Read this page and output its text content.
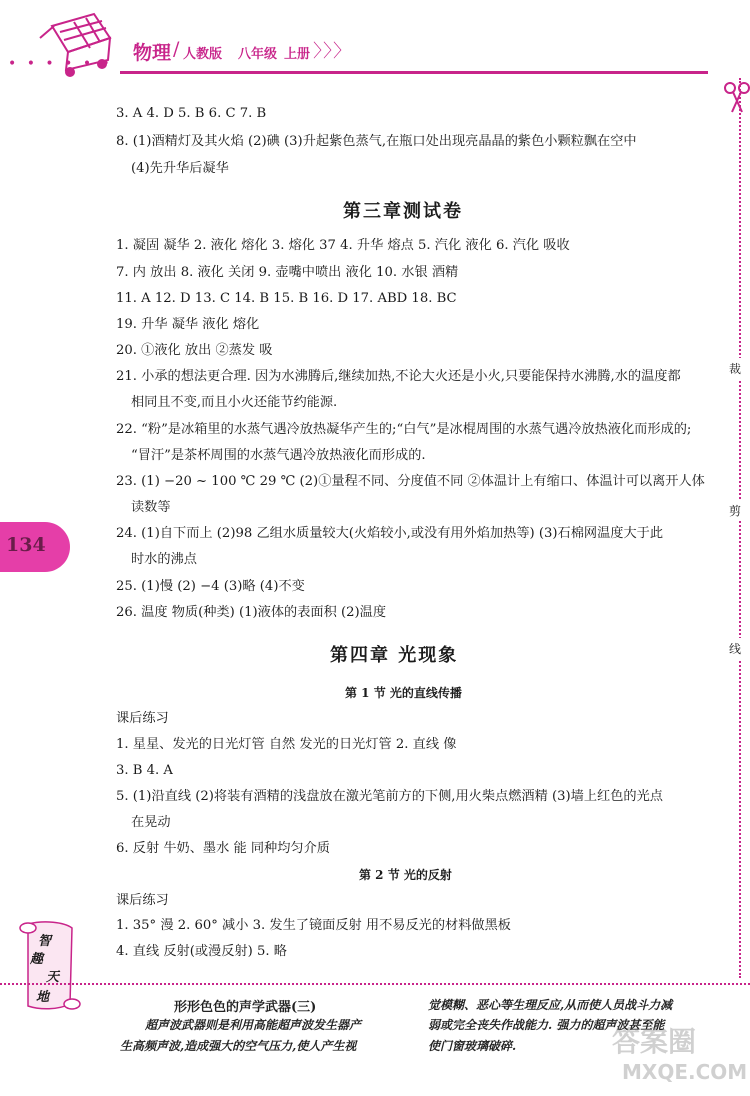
• • • • • • 物理 / 人教版 八年级 上册 〉〉〉
裁
剪
线
134
3. A 4. D 5. B 6. C 7. B
8. (1)酒精灯及其火焰 (2)碘 (3)升起紫色蒸气,在瓶口处出现亮晶晶的紫色小颗粒飘在空中
(4)先升华后凝华
第三章测试卷
1. 凝固 凝华 2. 液化 熔化 3. 熔化 37 4. 升华 熔点 5. 汽化 液化 6. 汽化 吸收
7. 内 放出 8. 液化 关闭 9. 壶嘴中喷出 液化 10. 水银 酒精
11. A 12. D 13. C 14. B 15. B 16. D 17. ABD 18. BC
19. 升华 凝华 液化 熔化
20. ①液化 放出 ②蒸发 吸
21. 小承的想法更合理. 因为水沸腾后,继续加热,不论大火还是小火,只要能保持水沸腾,水的温度都
相同且不变,而且小火还能节约能源.
22. “粉”是冰箱里的水蒸气遇冷放热凝华产生的;“白气”是冰棍周围的水蒸气遇冷放热液化而形成的;
“冒汗”是茶杯周围的水蒸气遇冷放热液化而形成的.
23. (1) −20 ~ 100 ℃ 29 ℃ (2)①量程不同、分度值不同 ②体温计上有缩口、体温计可以离开人体
读数等
24. (1)自下而上 (2)98 乙组水质量较大(火焰较小,或没有用外焰加热等) (3)石棉网温度大于此
时水的沸点
25. (1)慢 (2) −4 (3)略 (4)不变
26. 温度 物质(种类) (1)液体的表面积 (2)温度
第四章 光现象
第 1 节 光的直线传播
课后练习
1. 星星、发光的日光灯管 自然 发光的日光灯管 2. 直线 像
3. B 4. A
5. (1)沿直线 (2)将装有酒精的浅盘放在激光笔前方的下侧,用火柴点燃酒精 (3)墙上红色的光点
在晃动
6. 反射 牛奶、墨水 能 同种均匀介质
第 2 节 光的反射
课后练习
1. 35° 漫 2. 60° 减小 3. 发生了镜面反射 用不易反光的材料做黑板
4. 直线 反射(或漫反射) 5. 略
智
趣
天
地
形形色色的声学武器(三)
超声波武器则是利用高能超声波发生器产
生高频声波,造成强大的空气压力,使人产生视
觉模糊、恶心等生理反应,从而使人员战斗力减
弱或完全丧失作战能力. 强力的超声波甚至能
使门窗玻璃破碎.	答案圈
MXQE.COM
